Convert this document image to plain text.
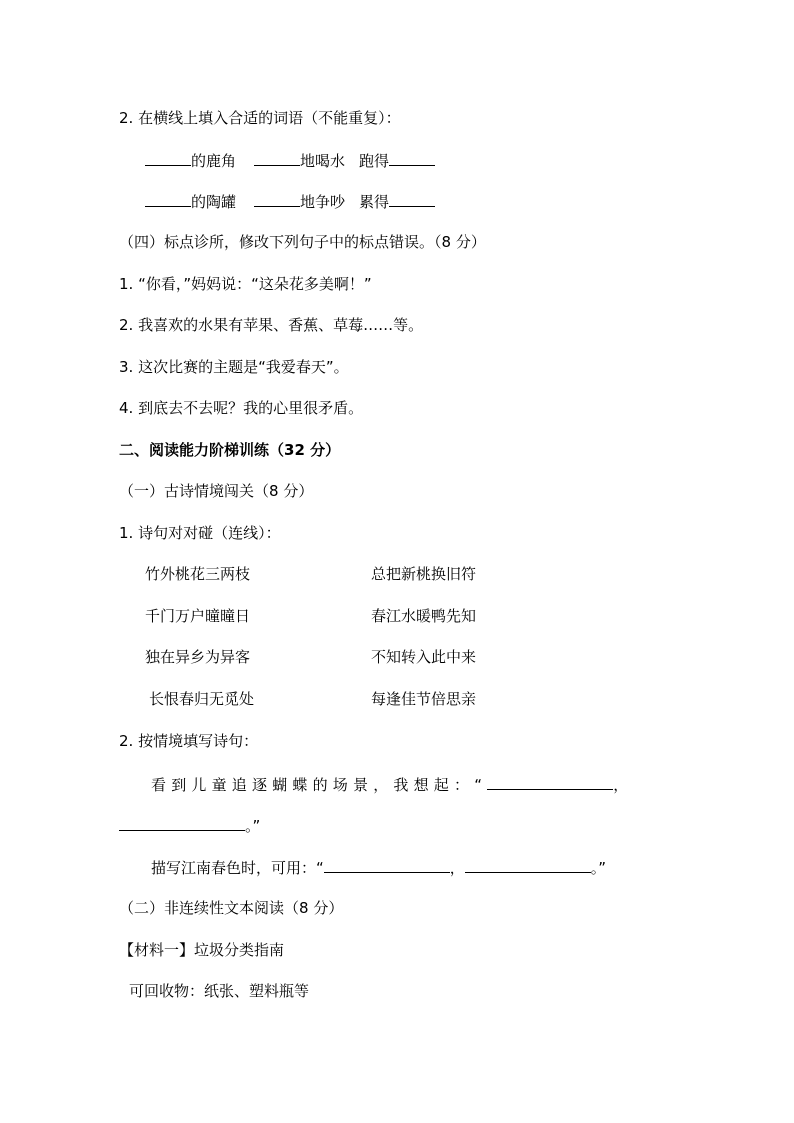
2. 在横线上填入合适的词语（不能重复）：
的鹿角	地喝水 跑得
的陶罐	地争吵 累得
（四）标点诊所，修改下列句子中的标点错误。（8 分）
1. “你看，”妈妈说：“这朵花多美啊！”
2. 我喜欢的水果有苹果、香蕉、草莓……等。
3. 这次比赛的主题是“我爱春天”。
4. 到底去不去呢？我的心里很矛盾。
二、阅读能力阶梯训练（32 分）
（一）古诗情境闯关（8 分）
1. 诗句对对碰（连线）：
竹外桃花三两枝	总把新桃换旧符
千门万户曈曈日	春江水暖鸭先知
独在异乡为异客	不知转入此中来
长恨春归无觅处	每逢佳节倍思亲
2. 按情境填写诗句：
看到儿童追逐蝴蝶的场景，我想起：“	，
。”
描写江南春色时，可用：“	，	。”
（二）非连续性文本阅读（8 分）
【材料一】垃圾分类指南
可回收物：纸张、塑料瓶等
